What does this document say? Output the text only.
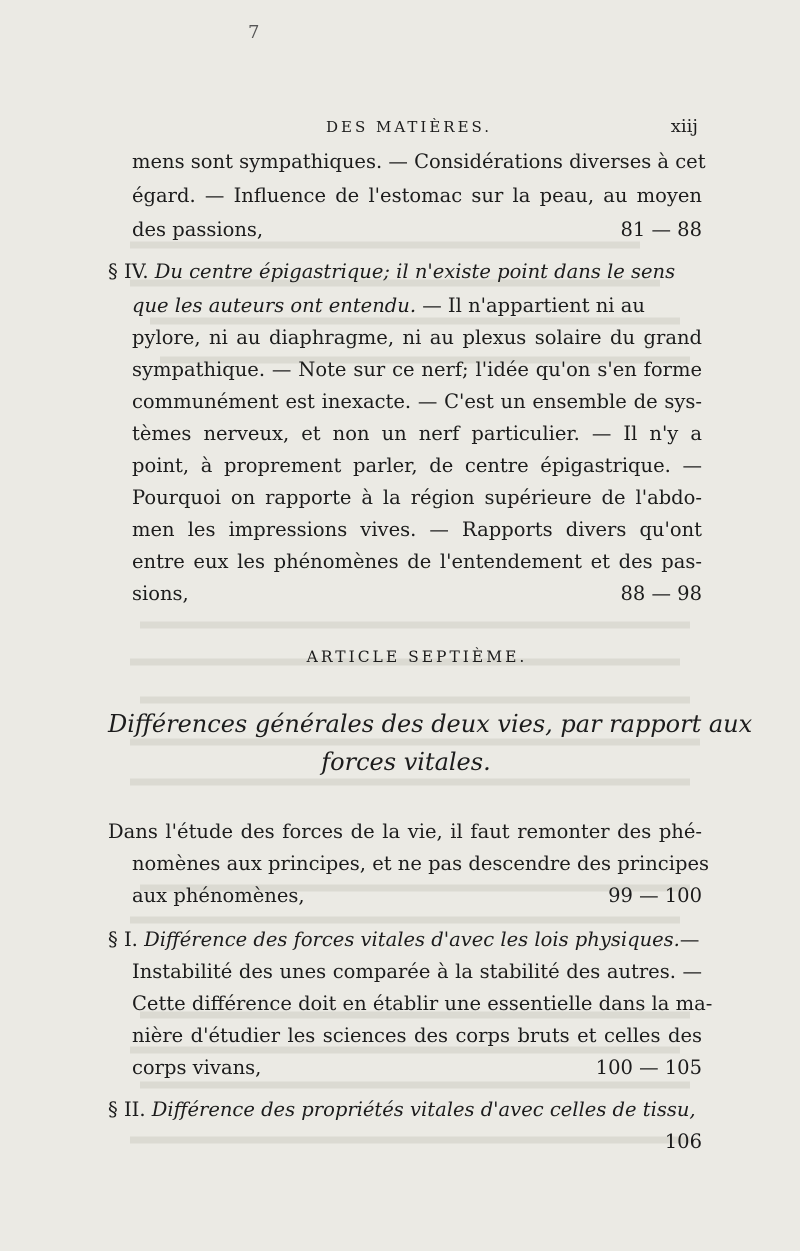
7
DES MATIÈRES.	xiij
mens sont sympathiques. — Considérations diverses à cet
égard. — Influence de l'estomac sur la peau, au moyen
des passions,	81 — 88
§ IV. Du centre épigastrique; il n'existe point dans le sens
que les auteurs ont entendu. — Il n'appartient ni au
pylore, ni au diaphragme, ni au plexus solaire du grand
sympathique. — Note sur ce nerf; l'idée qu'on s'en forme
communément est inexacte. — C'est un ensemble de sys-
tèmes nerveux, et non un nerf particulier. — Il n'y a
point, à proprement parler, de centre épigastrique. —
Pourquoi on rapporte à la région supérieure de l'abdo-
men les impressions vives. — Rapports divers qu'ont
entre eux les phénomènes de l'entendement et des pas-
sions,	88 — 98
ARTICLE SEPTIÈME.
Différences générales des deux vies, par rapport aux
forces vitales.
Dans l'étude des forces de la vie, il faut remonter des phé-
nomènes aux principes, et ne pas descendre des principes
aux phénomènes,	99 — 100
§ I. Différence des forces vitales d'avec les lois physiques.—
Instabilité des unes comparée à la stabilité des autres. —
Cette différence doit en établir une essentielle dans la ma-
nière d'étudier les sciences des corps bruts et celles des
corps vivans,	100 — 105
§ II. Différence des propriétés vitales d'avec celles de tissu,
106
